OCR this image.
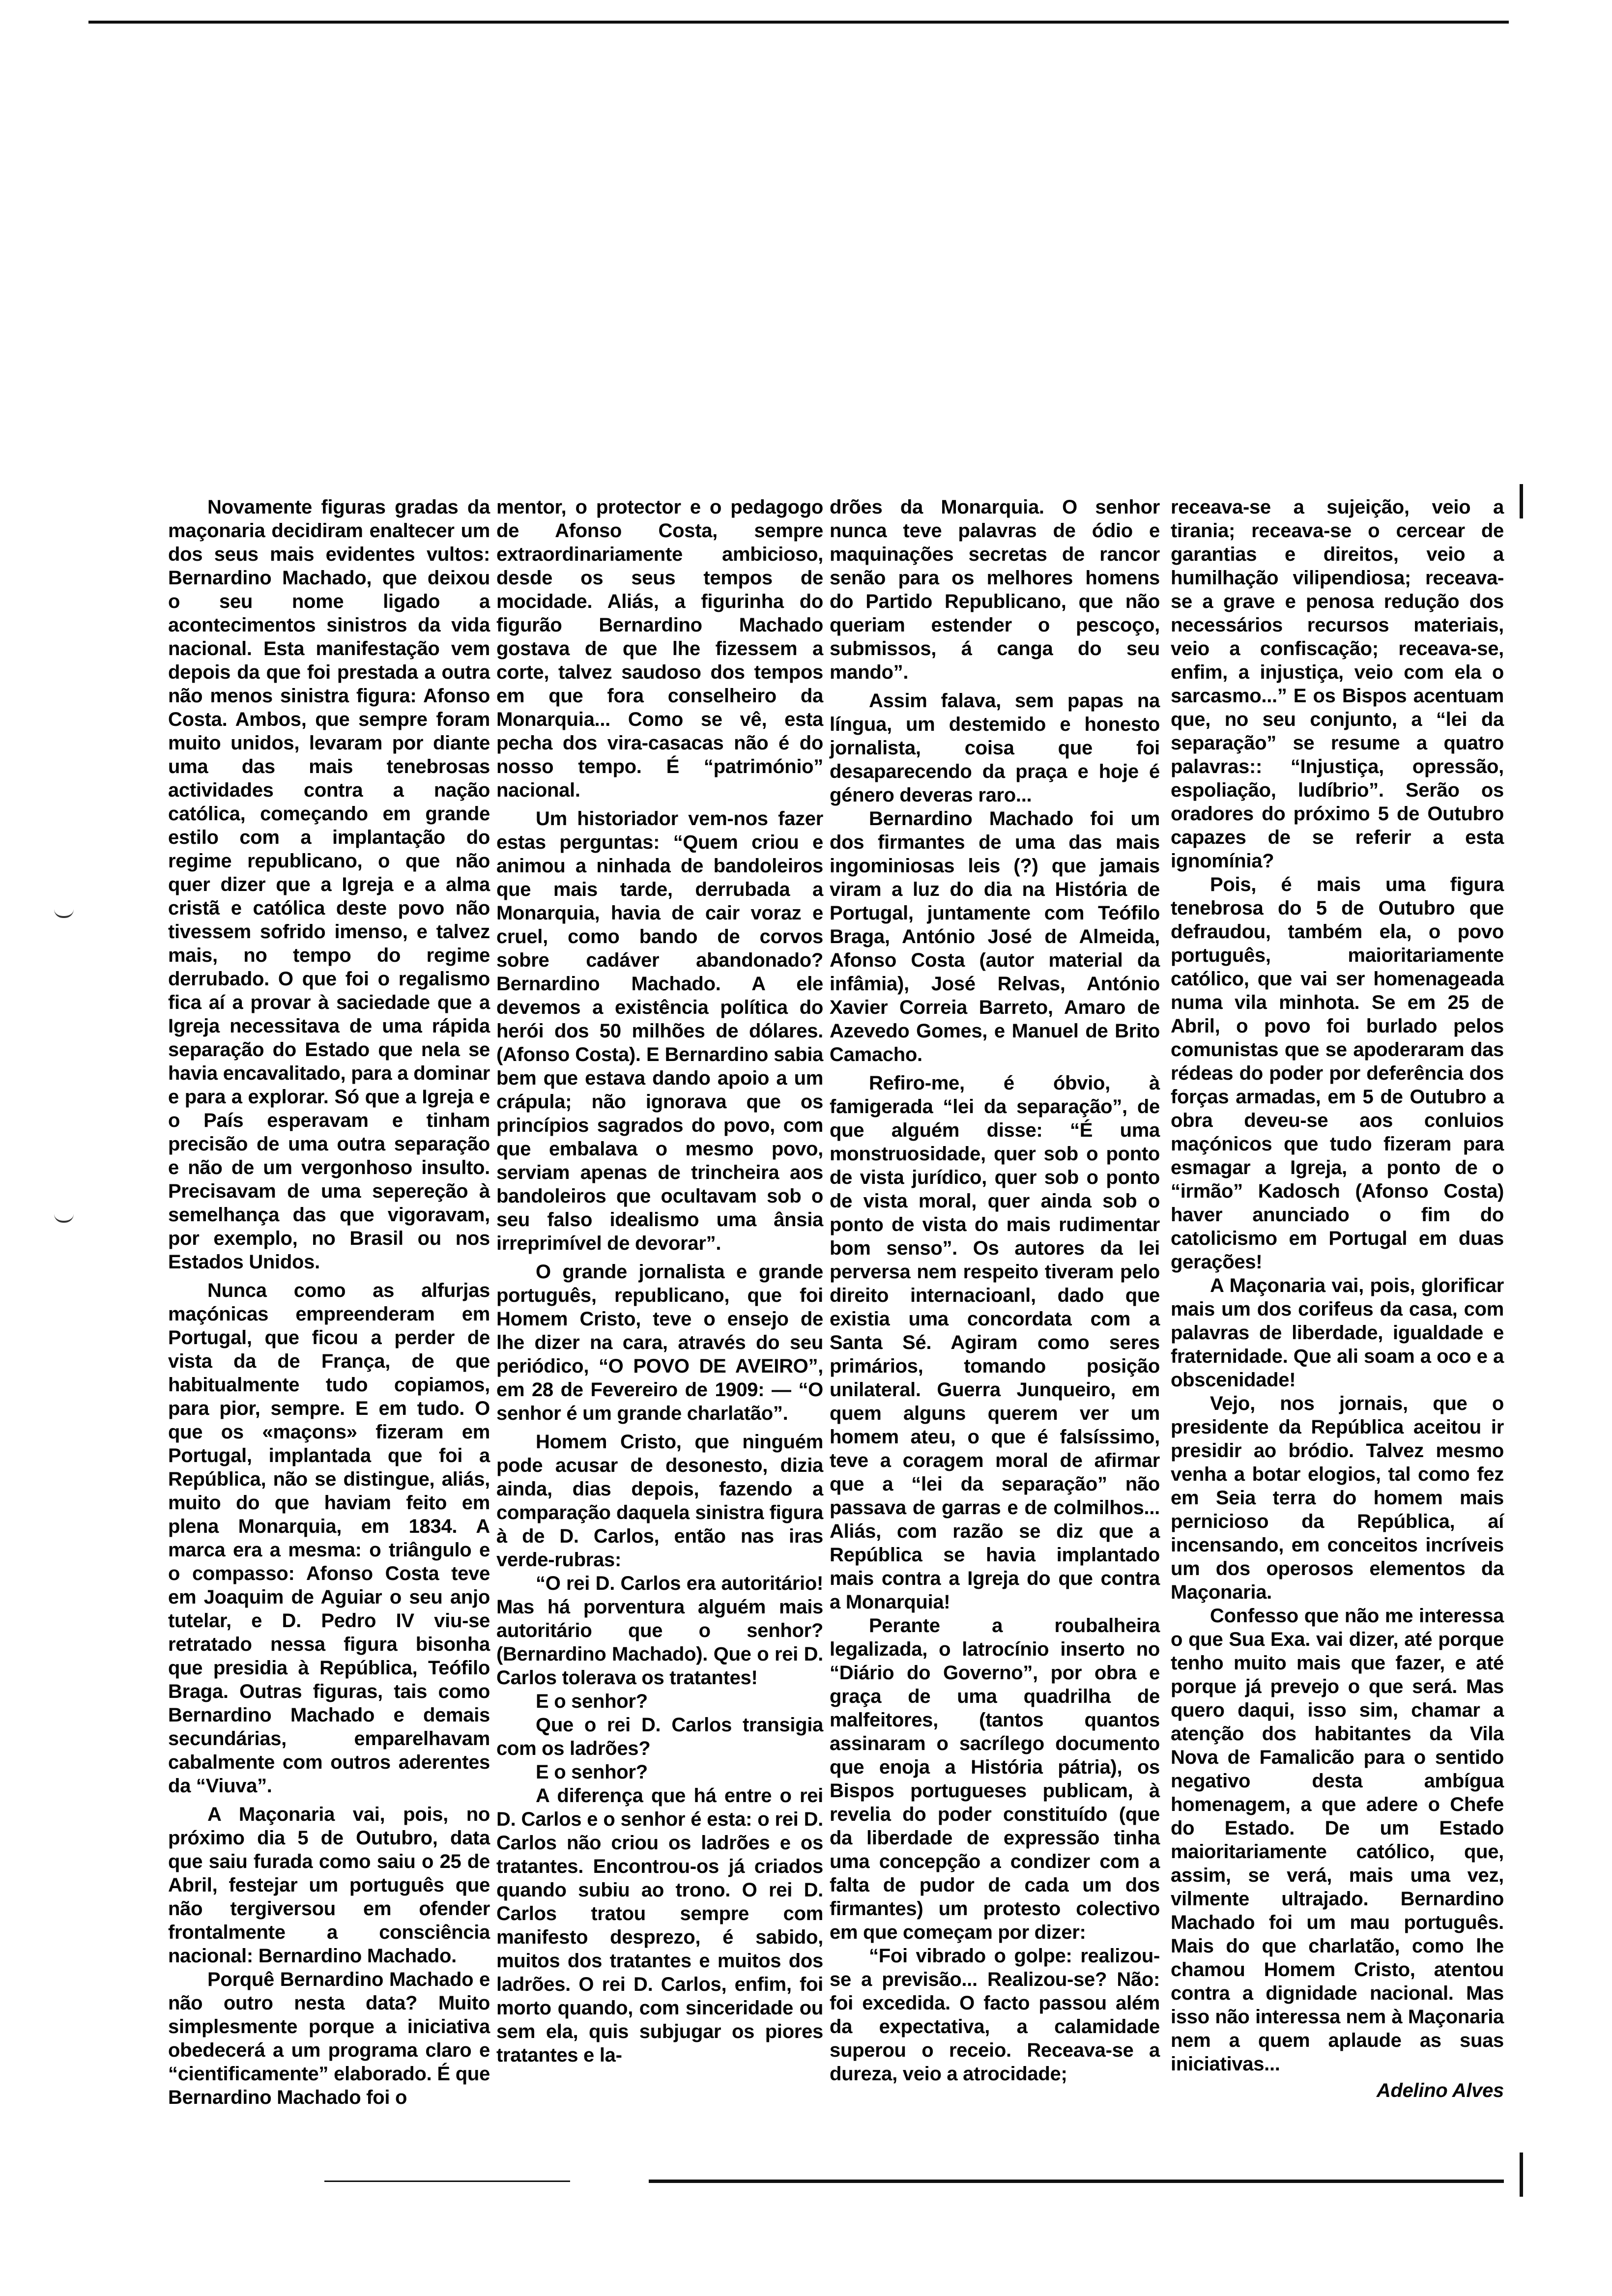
Novamente figuras gradas da maçonaria decidiram enaltecer um dos seus mais evidentes vultos: Bernardino Machado, que deixou o seu nome ligado a acontecimentos sinistros da vida nacional. Esta manifestação vem depois da que foi prestada a outra não menos sinistra figura: Afonso Costa. Ambos, que sempre foram muito unidos, levaram por diante uma das mais tenebrosas actividades contra a nação católica, começando em grande estilo com a implantação do regime republicano, o que não quer dizer que a Igreja e a alma cristã e católica deste povo não tivessem sofrido imenso, e talvez mais, no tempo do regime derrubado. O que foi o regalismo fica aí a provar à saciedade que a Igreja necessitava de uma rápida separação do Estado que nela se havia encavalitado, para a dominar e para a explorar. Só que a Igreja e o País esperavam e tinham precisão de uma outra separação e não de um vergonhoso insulto. Precisavam de uma sepereção à semelhança das que vigoravam, por exemplo, no Brasil ou nos Estados Unidos.

Nunca como as alfurjas maçónicas empreenderam em Portugal, que ficou a perder de vista da de França, de que habitualmente tudo copiamos, para pior, sempre. E em tudo. O que os «maçons» fizeram em Portugal, implantada que foi a República, não se distingue, aliás, muito do que haviam feito em plena Monarquia, em 1834. A marca era a mesma: o triângulo e o compasso: Afonso Costa teve em Joaquim de Aguiar o seu anjo tutelar, e D. Pedro IV viu-se retratado nessa figura bisonha que presidia à República, Teófilo Braga. Outras figuras, tais como Bernardino Machado e demais secundárias, emparelhavam cabalmente com outros aderentes da “Viuva”.

A Maçonaria vai, pois, no próximo dia 5 de Outubro, data que saiu furada como saiu o 25 de Abril, festejar um português que não tergiversou em ofender frontalmente a consciência nacional: Bernardino Machado.

Porquê Bernardino Machado e não outro nesta data? Muito simplesmente porque a iniciativa obedecerá a um programa claro e “cientificamente” elaborado. É que Bernardino Machado foi o

mentor, o protector e o pedagogo de Afonso Costa, sempre extraordinariamente ambicioso, desde os seus tempos de mocidade. Aliás, a figurinha do figurão Bernardino Machado gostava de que lhe fizessem a corte, talvez saudoso dos tempos em que fora conselheiro da Monarquia... Como se vê, esta pecha dos vira-casacas não é do nosso tempo. É “património” nacional.

Um historiador vem-nos fazer estas perguntas: “Quem criou e animou a ninhada de bandoleiros que mais tarde, derrubada a Monarquia, havia de cair voraz e cruel, como bando de corvos sobre cadáver abandonado? Bernardino Machado. A ele devemos a existência política do herói dos 50 milhões de dólares. (Afonso Costa). E Bernardino sabia bem que estava dando apoio a um crápula; não ignorava que os princípios sagrados do povo, com que embalava o mesmo povo, serviam apenas de trincheira aos bandoleiros que ocultavam sob o seu falso idealismo uma ânsia irreprimível de devorar”.

O grande jornalista e grande português, republicano, que foi Homem Cristo, teve o ensejo de lhe dizer na cara, através do seu periódico, “O POVO DE AVEIRO”, em 28 de Fevereiro de 1909: — “O senhor é um grande charlatão”.

Homem Cristo, que ninguém pode acusar de desonesto, dizia ainda, dias depois, fazendo a comparação daquela sinistra figura à de D. Carlos, então nas iras verde-rubras:

“O rei D. Carlos era autoritário! Mas há porventura alguém mais autoritário que o senhor? (Bernardino Machado). Que o rei D. Carlos tolerava os tratantes!

E o senhor?

Que o rei D. Carlos transigia com os ladrões?

E o senhor?

A diferença que há entre o rei D. Carlos e o senhor é esta: o rei D. Carlos não criou os ladrões e os tratantes. Encontrou-os já criados quando subiu ao trono. O rei D. Carlos tratou sempre com manifesto desprezo, é sabido, muitos dos tratantes e muitos dos ladrões. O rei D. Carlos, enfim, foi morto quando, com sinceridade ou sem ela, quis subjugar os piores tratantes e la-

drões da Monarquia. O senhor nunca teve palavras de ódio e maquinações secretas de rancor senão para os melhores homens do Partido Republicano, que não queriam estender o pescoço, submissos, á canga do seu mando”.

Assim falava, sem papas na língua, um destemido e honesto jornalista, coisa que foi desaparecendo da praça e hoje é género deveras raro...

Bernardino Machado foi um dos firmantes de uma das mais ingominiosas leis (?) que jamais viram a luz do dia na História de Portugal, juntamente com Teófilo Braga, António José de Almeida, Afonso Costa (autor material da infâmia), José Relvas, António Xavier Correia Barreto, Amaro de Azevedo Gomes, e Manuel de Brito Camacho.

Refiro-me, é óbvio, à famigerada “lei da separação”, de que alguém disse: “É uma monstruosidade, quer sob o ponto de vista jurídico, quer sob o ponto de vista moral, quer ainda sob o ponto de vista do mais rudimentar bom senso”. Os autores da lei perversa nem respeito tiveram pelo direito internacioanl, dado que existia uma concordata com a Santa Sé. Agiram como seres primários, tomando posição unilateral. Guerra Junqueiro, em quem alguns querem ver um homem ateu, o que é falsíssimo, teve a coragem moral de afirmar que a “lei da separação” não passava de garras e de colmilhos... Aliás, com razão se diz que a República se havia implantado mais contra a Igreja do que contra a Monarquia!

Perante a roubalheira legalizada, o latrocínio inserto no “Diário do Governo”, por obra e graça de uma quadrilha de malfeitores, (tantos quantos assinaram o sacrílego documento que enoja a História pátria), os Bispos portugueses publicam, à revelia do poder constituído (que da liberdade de expressão tinha uma concepção a condizer com a falta de pudor de cada um dos firmantes) um protesto colectivo em que começam por dizer:

“Foi vibrado o golpe: realizou-se a previsão... Realizou-se? Não: foi excedida. O facto passou além da expectativa, a calamidade superou o receio. Receava-se a dureza, veio a atrocidade;

receava-se a sujeição, veio a tirania; receava-se o cercear de garantias e direitos, veio a humilhação vilipendiosa; receava-se a grave e penosa redução dos necessários recursos materiais, veio a confiscação; receava-se, enfim, a injustiça, veio com ela o sarcasmo...” E os Bispos acentuam que, no seu conjunto, a “lei da separação” se resume a quatro palavras:: “Injustiça, opressão, espoliação, ludíbrio”. Serão os oradores do próximo 5 de Outubro capazes de se referir a esta ignomínia?

Pois, é mais uma figura tenebrosa do 5 de Outubro que defraudou, também ela, o povo português, maioritariamente católico, que vai ser homenageada numa vila minhota. Se em 25 de Abril, o povo foi burlado pelos comunistas que se apoderaram das rédeas do poder por deferência dos forças armadas, em 5 de Outubro a obra deveu-se aos conluios maçónicos que tudo fizeram para esmagar a Igreja, a ponto de o “irmão” Kadosch (Afonso Costa) haver anunciado o fim do catolicismo em Portugal em duas gerações!

A Maçonaria vai, pois, glorificar mais um dos corifeus da casa, com palavras de liberdade, igualdade e fraternidade. Que ali soam a oco e a obscenidade!

Vejo, nos jornais, que o presidente da República aceitou ir presidir ao bródio. Talvez mesmo venha a botar elogios, tal como fez em Seia terra do homem mais pernicioso da República, aí incensando, em conceitos incríveis um dos operosos elementos da Maçonaria.

Confesso que não me interessa o que Sua Exa. vai dizer, até porque tenho muito mais que fazer, e até porque já prevejo o que será. Mas quero daqui, isso sim, chamar a atenção dos habitantes da Vila Nova de Famalicão para o sentido negativo desta ambígua homenagem, a que adere o Chefe do Estado. De um Estado maioritariamente católico, que, assim, se verá, mais uma vez, vilmente ultrajado. Bernardino Machado foi um mau português. Mais do que charlatão, como lhe chamou Homem Cristo, atentou contra a dignidade nacional. Mas isso não interessa nem à Maçonaria nem a quem aplaude as suas iniciativas...

Adelino Alves
